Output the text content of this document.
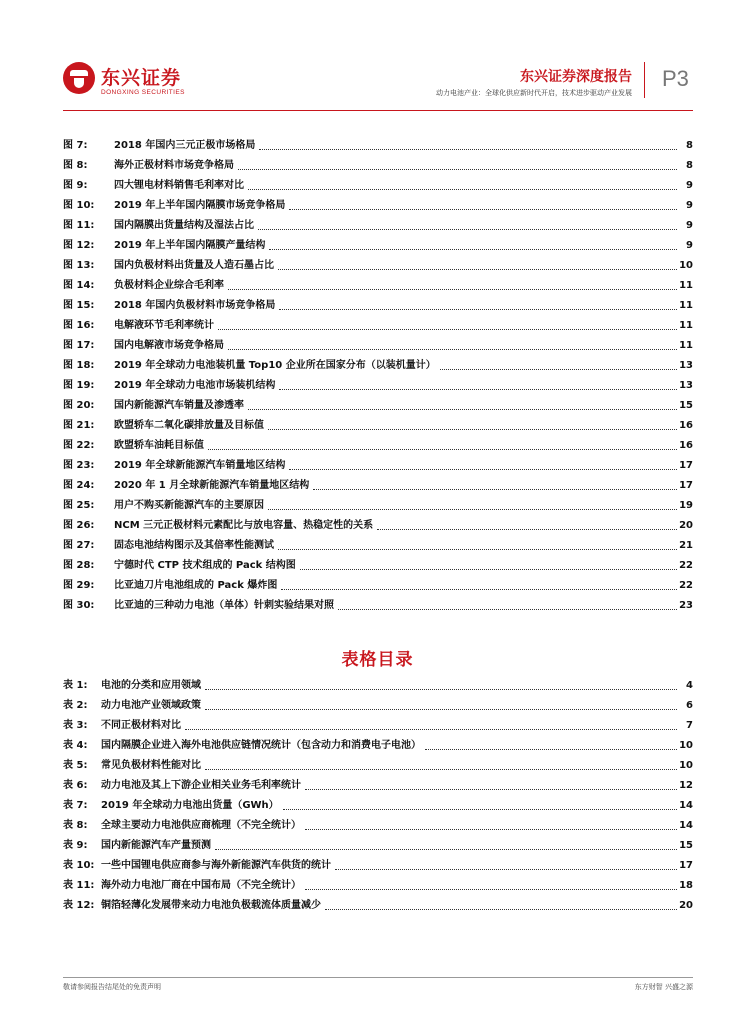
东兴证券
DONGXING SECURITIES
东兴证券深度报告
动力电池产业：全球化供应新时代开启，技术进步驱动产业发展
P3
图 7:	2018 年国内三元正极市场格局	8
图 8:	海外正极材料市场竞争格局	8
图 9:	四大锂电材料销售毛利率对比	9
图 10: 2019 年上半年国内隔膜市场竞争格局	9
图 11: 国内隔膜出货量结构及湿法占比	9
图 12: 2019 年上半年国内隔膜产量结构	9
图 13: 国内负极材料出货量及人造石墨占比	10
图 14: 负极材料企业综合毛利率	11
图 15: 2018 年国内负极材料市场竞争格局	11
图 16: 电解液环节毛利率统计	11
图 17: 国内电解液市场竞争格局	11
图 18: 2019 年全球动力电池装机量 Top10 企业所在国家分布（以装机量计）	13
图 19: 2019 年全球动力电池市场装机结构	13
图 20: 国内新能源汽车销量及渗透率	15
图 21: 欧盟轿车二氧化碳排放量及目标值	16
图 22: 欧盟轿车油耗目标值	16
图 23: 2019 年全球新能源汽车销量地区结构	17
图 24: 2020 年 1 月全球新能源汽车销量地区结构	17
图 25: 用户不购买新能源汽车的主要原因	19
图 26: NCM 三元正极材料元素配比与放电容量、热稳定性的关系	20
图 27: 固态电池结构图示及其倍率性能测试	21
图 28: 宁德时代 CTP 技术组成的 Pack 结构图	22
图 29: 比亚迪刀片电池组成的 Pack 爆炸图	22
图 30: 比亚迪的三种动力电池（单体）针刺实验结果对照	23
表格目录
表 1: 电池的分类和应用领域	4
表 2: 动力电池产业领域政策	6
表 3: 不同正极材料对比	7
表 4: 国内隔膜企业进入海外电池供应链情况统计（包含动力和消费电子电池）	10
表 5: 常见负极材料性能对比	10
表 6: 动力电池及其上下游企业相关业务毛利率统计	12
表 7: 2019 年全球动力电池出货量（GWh）	14
表 8: 全球主要动力电池供应商梳理（不完全统计）	14
表 9: 国内新能源汽车产量预测	15
表 10: 一些中国锂电供应商参与海外新能源汽车供货的统计	17
表 11: 海外动力电池厂商在中国布局（不完全统计）	18
表 12: 铜箔轻薄化发展带来动力电池负极载流体质量减少	20
敬请参阅报告结尾处的免责声明	东方财智 兴盛之源
